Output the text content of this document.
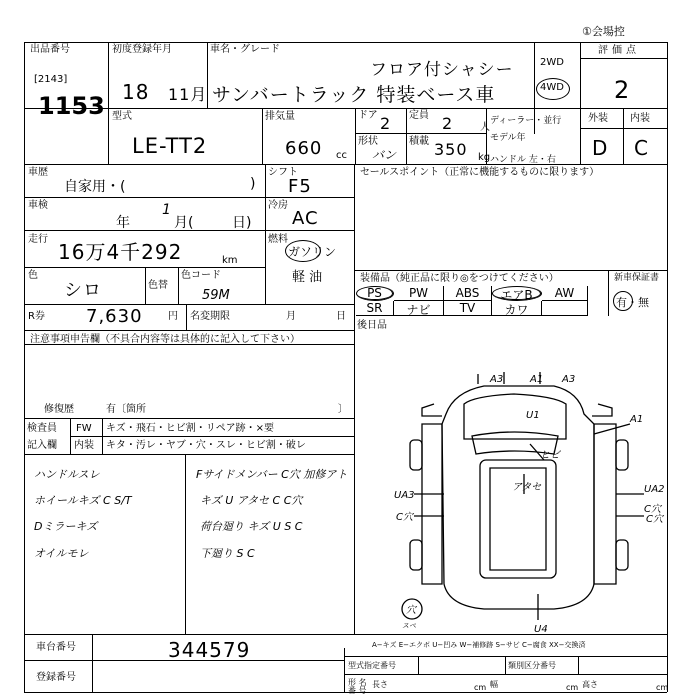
①会場控
出品番号
[2143]
1153
初度登録年月
18 11月
車名・グレード
フロア付シャシー
サンバートラック 特装ベース車
2WD
4WD
評価点
2
型式
LE-TT2
排気量
660 cc
ドア 2 定員 2	人
形状
バン
積載 350 kg
ディーラー・並行
モデル年
ハンドル 左・右
外装 内装
D C
車歴
自家用・(	)
車検
年
1
月(	日)
走行
16万4千292	km
色
シロ	色替
色コード
59M
シフト
F5
冷房
AC
燃料
ガソリン
軽 油
R券 7,630	円 名変期限	月	日
セールスポイント（正常に機能するものに限ります）
装備品（純正品に限り◎をつけてください）	新車保証書
有・無
PS	PW	ABS	エアB	AW
SR	ナビ	TV	カワ
後日品
注意事項申告欄（不具合内容等は具体的に記入して下さい）
修復歴	有〔箇所	〕
検査員
記入欄
FW キズ・飛石・ヒビ割・リペア跡・×要
内装 キタ・汚レ・ヤブ・穴・スレ・ヒビ割・破レ
ハンドルスレ
ホイールキズ C S/T
Dミラーキズ
オイルモレ
Fサイドメンバー C穴 加修アト
キズ U アタセ C C穴
荷台廻り キズ U S C
下廻り S C
A3	A1 A3
U1	A1
ヒビ
UA3
C穴
アタセ	UA2
C穴
C穴
U4
穴
スペ
車台番号	344579
登録番号
A−キズ E−エクボ U−凹み W−補修跡 S−サビ C−腐食 XX−交換済
型式指定番号	類別区分番号
形 名
番 号
長さ	cm 幅	cm 高さ	cm
